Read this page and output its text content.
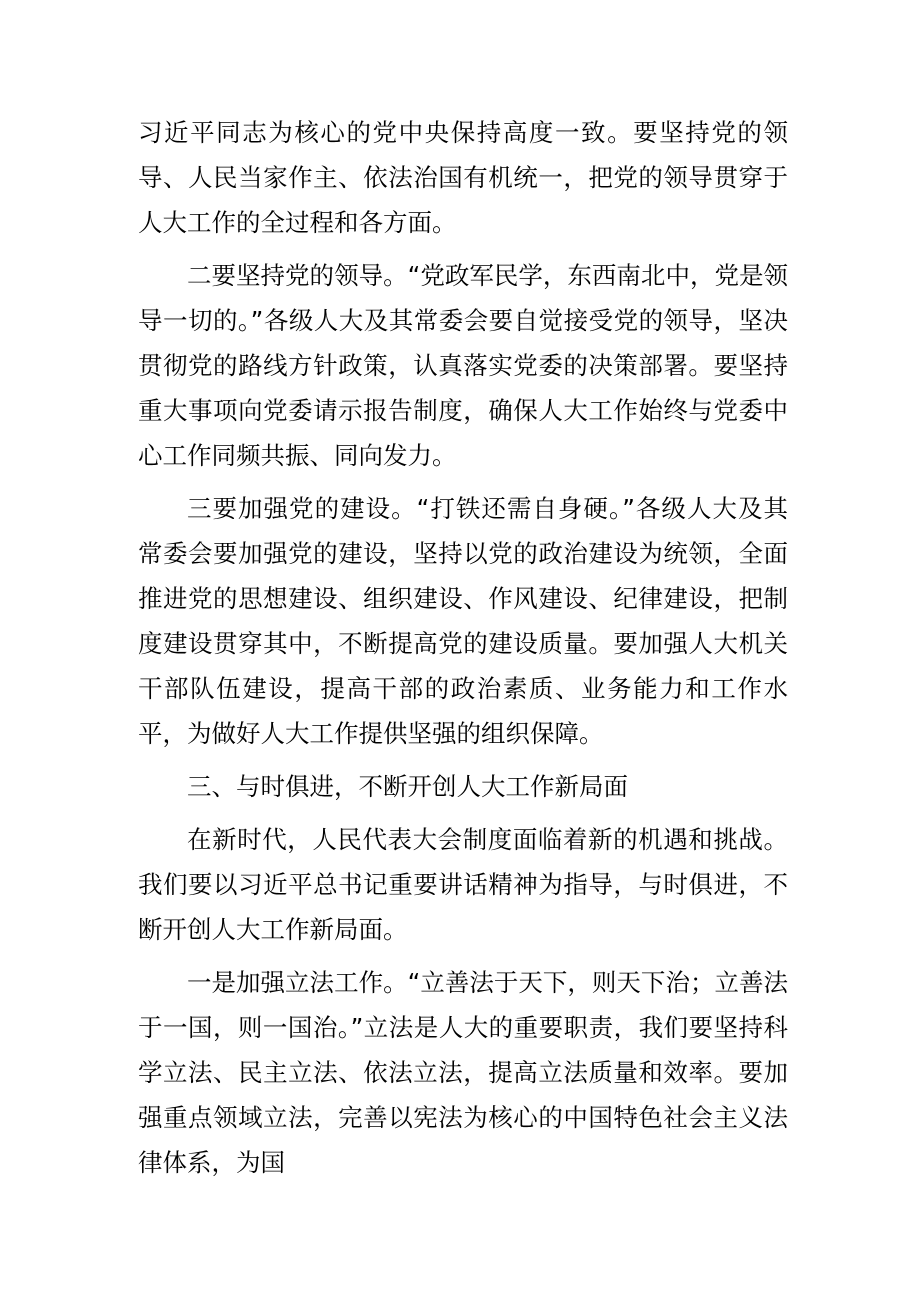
习近平同志为核心的党中央保持高度一致。要坚持党的领导、人民当家作主、依法治国有机统一，把党的领导贯穿于人大工作的全过程和各方面。

二要坚持党的领导。“党政军民学，东西南北中，党是领导一切的。”各级人大及其常委会要自觉接受党的领导，坚决贯彻党的路线方针政策，认真落实党委的决策部署。要坚持重大事项向党委请示报告制度，确保人大工作始终与党委中心工作同频共振、同向发力。

三要加强党的建设。“打铁还需自身硬。”各级人大及其常委会要加强党的建设，坚持以党的政治建设为统领，全面推进党的思想建设、组织建设、作风建设、纪律建设，把制度建设贯穿其中，不断提高党的建设质量。要加强人大机关干部队伍建设，提高干部的政治素质、业务能力和工作水平，为做好人大工作提供坚强的组织保障。

三、与时俱进，不断开创人大工作新局面

在新时代，人民代表大会制度面临着新的机遇和挑战。我们要以习近平总书记重要讲话精神为指导，与时俱进，不断开创人大工作新局面。

一是加强立法工作。“立善法于天下，则天下治；立善法于一国，则一国治。”立法是人大的重要职责，我们要坚持科学立法、民主立法、依法立法，提高立法质量和效率。要加强重点领域立法，完善以宪法为核心的中国特色社会主义法律体系，为国
